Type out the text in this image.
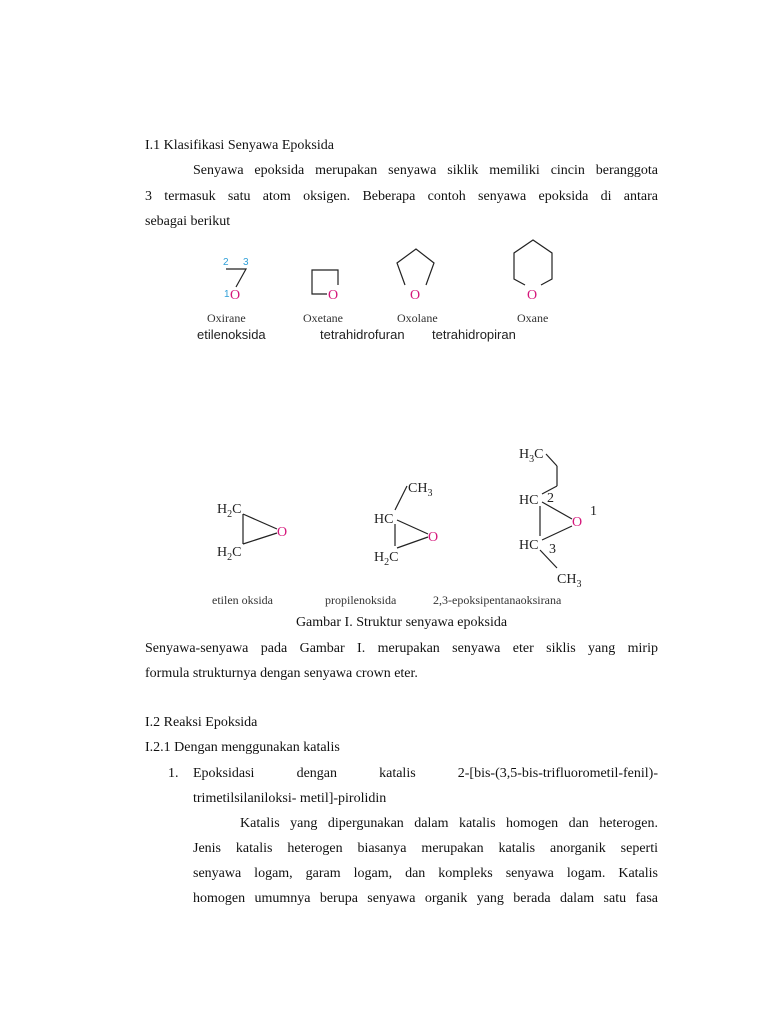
I.1 Klasifikasi Senyawa Epoksida
Senyawa epoksida merupakan senyawa siklik memiliki cincin beranggota
3 termasuk satu atom oksigen. Beberapa contoh senyawa epoksida di antara
sebagai berikut
2 3
1 O
Oxirane
etilenoksida
O
Oxetane
tetrahidrofuran
O
Oxolane
tetrahidropiran
O
Oxane
$H_2C$
$H_2C$
O
etilen oksida
$CH_3$
HC
O
$H_2C$
propilenoksida
$H_3C$
HC 2
O
1
HC 3
$CH_3$
2,3-epoksipentanaoksirana
Gambar I. Struktur senyawa epoksida
Senyawa-senyawa pada Gambar I. merupakan senyawa eter siklis yang mirip
formula strukturnya dengan senyawa crown eter.
I.2 Reaksi Epoksida
I.2.1 Dengan menggunakan katalis
1.	Epoksidasi	dengan	katalis	2-[bis-(3,5-bis-trifluorometil-fenil)-
trimetilsilaniloksi- metil]-pirolidin
Katalis yang dipergunakan dalam katalis homogen dan heterogen.
Jenis katalis heterogen biasanya merupakan katalis anorganik seperti
senyawa logam, garam logam, dan kompleks senyawa logam. Katalis
homogen umumnya berupa senyawa organik yang berada dalam satu fasa
